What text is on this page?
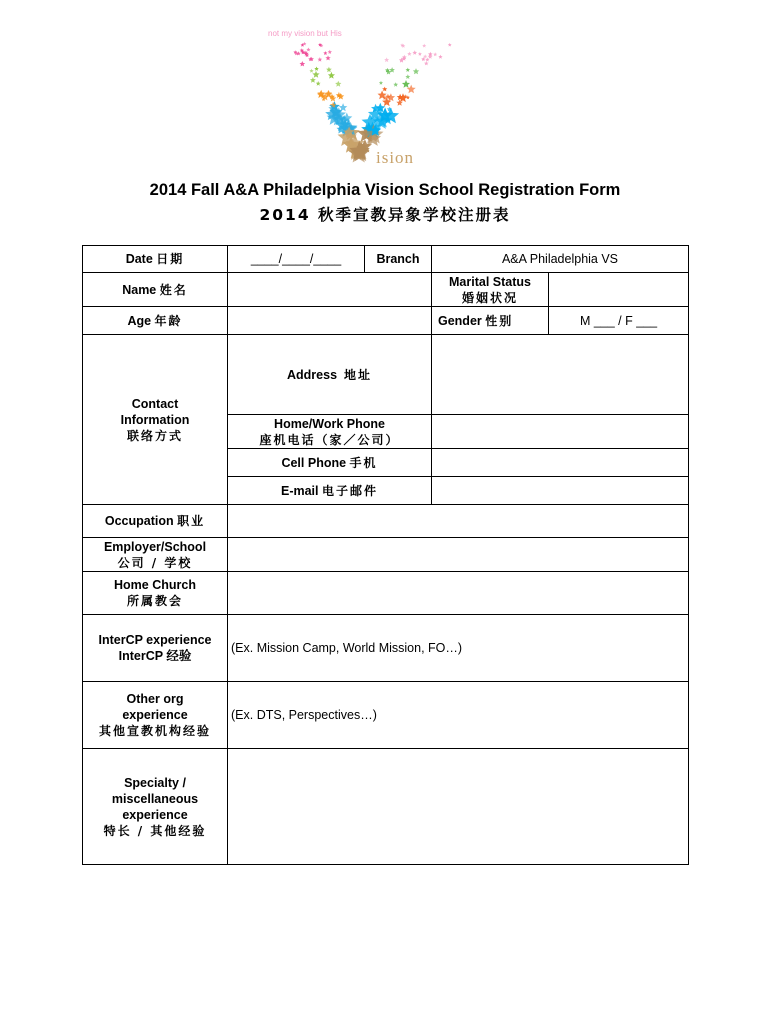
not my vision but His
ision
2014 Fall A&A Philadelphia Vision School Registration Form
2014 秋季宣教异象学校注册表
Date 日期	____/____/____	Branch	A&A Philadelphia VS	
Name 姓名			Marital Status
婚姻状况	

Age 年龄			Gender 性别	M ___ / F ___

Contact
Information
联络方式	Address 地址			

	Home/Work Phone
座机电话（家／公司）			

	Cell Phone 手机			
	E-mail 电子邮件			
Occupation 职业				

Employer/School
公司 / 学校				

Home Church
所属教会				

InterCP experience
InterCP 经验	(Ex. Mission Camp, World Mission, FO…)			

Other org
experience
其他宣教机构经验	(Ex. DTS, Perspectives…)			

Specialty /
miscellaneous
experience
特长 / 其他经验				
